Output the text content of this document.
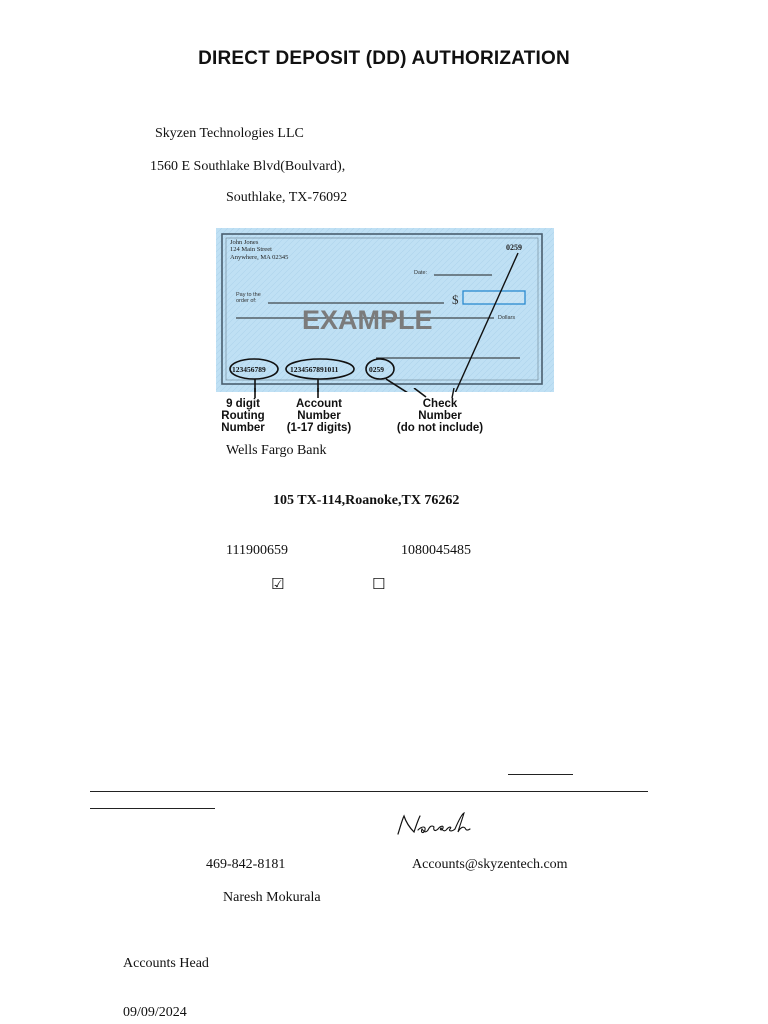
DIRECT DEPOSIT (DD) AUTHORIZATION
Skyzen Technologies LLC
1560 E Southlake Blvd(Boulvard),
Southlake, TX-76092
John Jones
124 Main Street
Anywhere, MA 02345
0259
Date:
Pay to the
order of:	$
Dollars
EXAMPLE
123456789	1234567891011	0259
9 digit
Routing
Number
Account
Number
(1-17 digits)
Check
Number
(do not include)
Wells Fargo Bank
105 TX-114,Roanoke,TX 76262
111900659	1080045485
☑	☐
469-842-8181	Accounts@skyzentech.com
Naresh Mokurala
Accounts Head
09/09/2024
